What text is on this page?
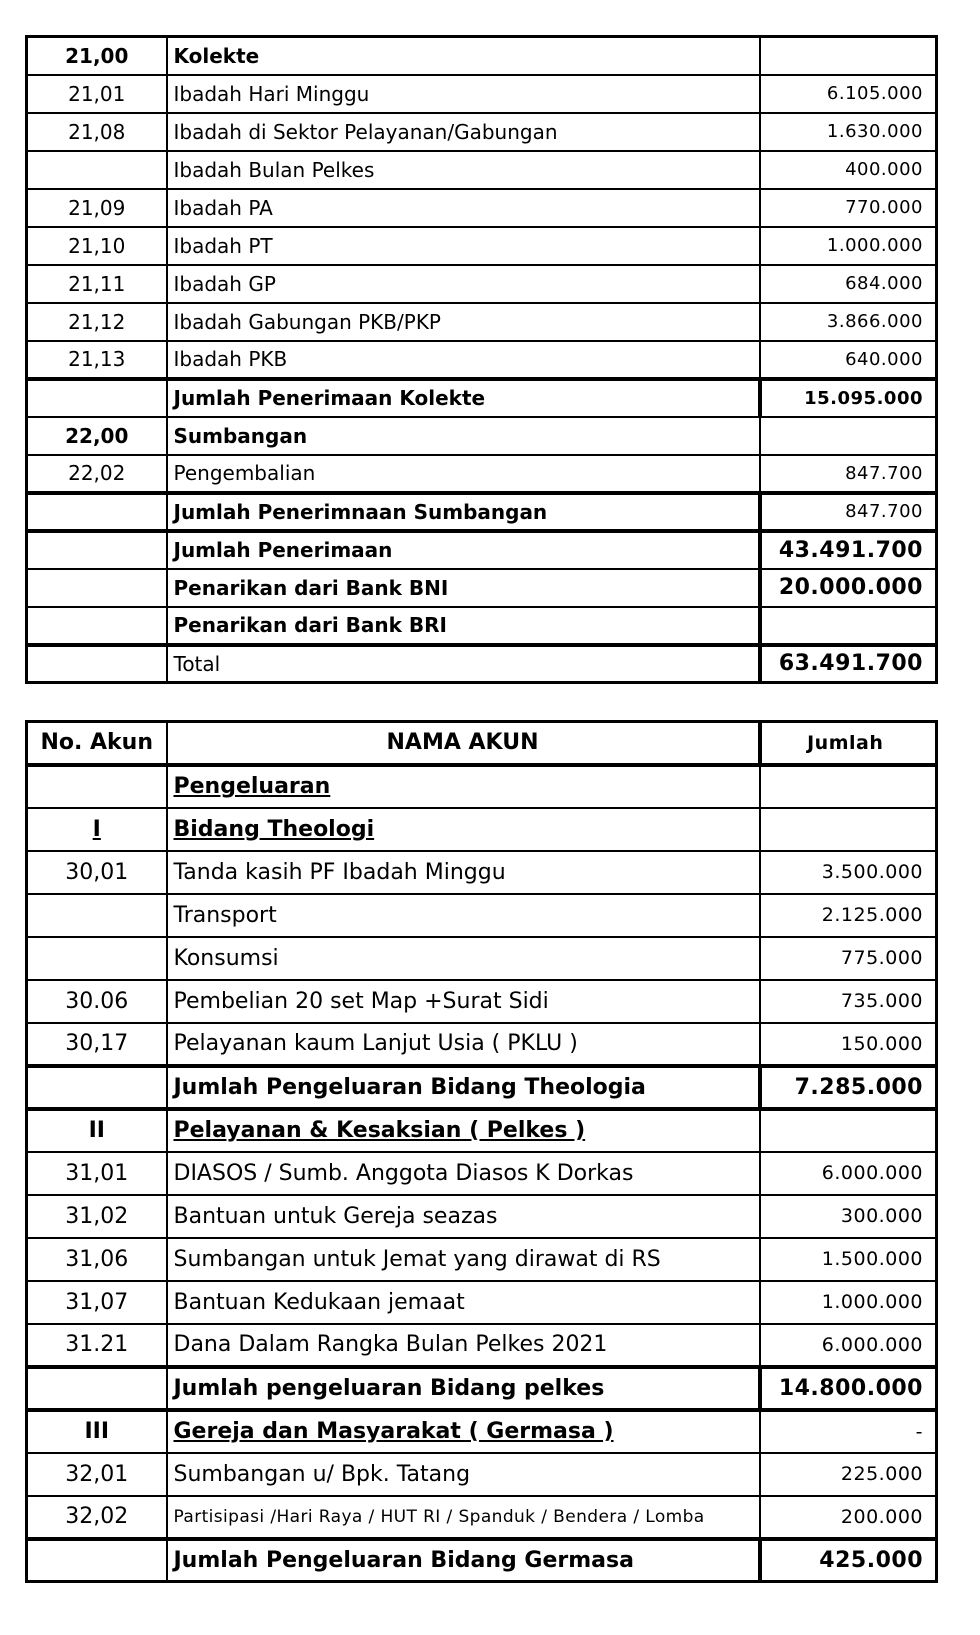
21,00	Kolekte	
21,01	Ibadah Hari Minggu	6.105.000
21,08	Ibadah di Sektor Pelayanan/Gabungan	1.630.000
	Ibadah Bulan Pelkes	400.000
21,09	Ibadah PA	770.000
21,10	Ibadah PT	1.000.000
21,11	Ibadah GP	684.000
21,12	Ibadah Gabungan PKB/PKP	3.866.000
21,13	Ibadah PKB	640.000
	Jumlah Penerimaan Kolekte	15.095.000
22,00	Sumbangan	
22,02	Pengembalian	847.700
	Jumlah Penerimnaan Sumbangan	847.700
	Jumlah Penerimaan	43.491.700
	Penarikan dari Bank BNI	20.000.000
	Penarikan dari Bank BRI	
	Total	63.491.700
No. Akun	NAMA AKUN	Jumlah
	Pengeluaran	
I	Bidang Theologi	
30,01	Tanda kasih PF Ibadah Minggu	3.500.000
	Transport	2.125.000
	Konsumsi	775.000
30.06	Pembelian 20 set Map +Surat Sidi	735.000
30,17	Pelayanan kaum Lanjut Usia ( PKLU )	150.000
	Jumlah Pengeluaran Bidang Theologia	7.285.000
II	Pelayanan & Kesaksian ( Pelkes )	
31,01	DIASOS / Sumb. Anggota Diasos K Dorkas	6.000.000
31,02	Bantuan untuk Gereja seazas	300.000
31,06	Sumbangan untuk Jemat yang dirawat di RS	1.500.000
31,07	Bantuan Kedukaan jemaat	1.000.000
31.21	Dana Dalam Rangka Bulan Pelkes 2021	6.000.000
	Jumlah pengeluaran Bidang pelkes	14.800.000
III	Gereja dan Masyarakat ( Germasa )	-
32,01	Sumbangan u/ Bpk. Tatang	225.000
32,02	Partisipasi /Hari Raya / HUT RI / Spanduk / Bendera / Lomba	200.000
	Jumlah Pengeluaran Bidang Germasa	425.000
